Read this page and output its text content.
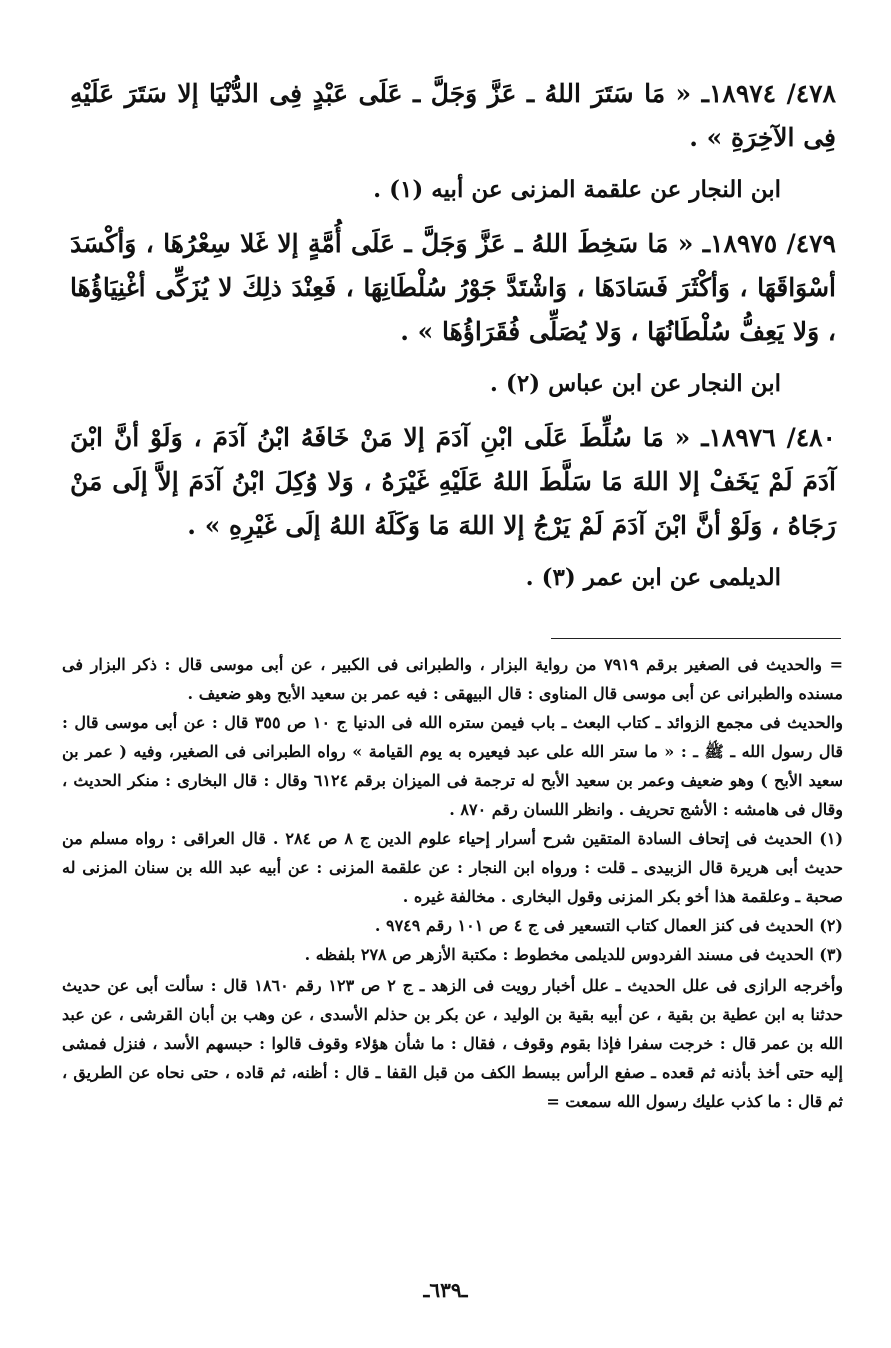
٤٧٨/ ١٨٩٧٤ـ « مَا سَتَرَ اللهُ ـ عَزَّ وَجَلَّ ـ عَلَى عَبْدٍ فِى الدُّنْيَا إلا سَتَرَ عَلَيْهِ فِى الآخِرَةِ » .

ابن النجار عن علقمة المزنى عن أبيه (١) .

٤٧٩/ ١٨٩٧٥ـ « مَا سَخِطَ اللهُ ـ عَزَّ وَجَلَّ ـ عَلَى أُمَّةٍ إلا غَلا سِعْرُهَا ، وَأكْسَدَ أسْوَاقَهَا ، وَأكْثَرَ فَسَادَهَا ، وَاشْتَدَّ جَوْرُ سُلْطَانِهَا ، فَعِنْدَ ذلِكَ لا يُزَكِّى أغْنِيَاؤُهَا ، وَلا يَعِفُّ سُلْطَانُهَا ، وَلا يُصَلِّى فُقَرَاؤُهَا » .

ابن النجار عن ابن عباس (٢) .

٤٨٠/ ١٨٩٧٦ـ « مَا سُلِّطَ عَلَى ابْنِ آدَمَ إلا مَنْ خَافَهُ ابْنُ آدَمَ ، وَلَوْ أنَّ ابْنَ آدَمَ لَمْ يَخَفْ إلا اللهَ مَا سَلَّطَ اللهُ عَلَيْهِ غَيْرَهُ ، وَلا وُكِلَ ابْنُ آدَمَ إلاَّ إلَى مَنْ رَجَاهُ ، وَلَوْ أنَّ ابْنَ آدَمَ لَمْ يَرْجُ إلا اللهَ مَا وَكَلَهُ اللهُ إلَى غَيْرِهِ » .

الديلمى عن ابن عمر (٣) .

= والحديث فى الصغير برقم ٧٩١٩ من رواية البزار ، والطبرانى فى الكبير ، عن أبى موسى قال : ذكر البزار فى مسنده والطبرانى عن أبى موسى قال المناوى : قال البيهقى : فيه عمر بن سعيد الأبح وهو ضعيف .

والحديث فى مجمع الزوائد ـ كتاب البعث ـ باب فيمن ستره الله فى الدنيا ج ١٠ ص ٣٥٥ قال : عن أبى موسى قال : قال رسول الله ـ ﷺ ـ : « ما ستر الله على عبد فيعيره به يوم القيامة » رواه الطبرانى فى الصغير، وفيه ( عمر بن سعيد الأبح ) وهو ضعيف وعمر بن سعيد الأبح له ترجمة فى الميزان برقم ٦١٢٤ وقال : قال البخارى : منكر الحديث ، وقال فى هامشه : الأشج تحريف . وانظر اللسان رقم ٨٧٠ .

(١) الحديث فى إتحاف السادة المتقين شرح أسرار إحياء علوم الدين ج ٨ ص ٢٨٤ . قال العراقى : رواه مسلم من حديث أبى هريرة قال الزبيدى ـ قلت : ورواه ابن النجار : عن علقمة المزنى : عن أبيه عبد الله بن سنان المزنى له صحبة ـ وعلقمة هذا أخو بكر المزنى وقول البخارى . مخالفة غيره .

(٢) الحديث فى كنز العمال كتاب التسعير فى ج ٤ ص ١٠١ رقم ٩٧٤٩ .

(٣) الحديث فى مسند الفردوس للديلمى مخطوط : مكتبة الأزهر ص ٢٧٨ بلفظه .

وأخرجه الرازى فى علل الحديث ـ علل أخبار رويت فى الزهد ـ ج ٢ ص ١٢٣ رقم ١٨٦٠ قال : سألت أبى عن حديث حدثنا به ابن عطية بن بقية ، عن أبيه بقية بن الوليد ، عن بكر بن حذلم الأسدى ، عن وهب بن أبان القرشى ، عن عبد الله بن عمر قال : خرجت سفرا فإذا بقوم وقوف ، فقال : ما شأن هؤلاء وقوف قالوا : حبسهم الأسد ، فنزل فمشى إليه حتى أخذ بأذنه ثم قعده ـ صفع الرأس ببسط الكف من قبل القفا ـ قال : أظنه، ثم قاده ، حتى نحاه عن الطريق ، ثم قال : ما كذب عليك رسول الله سمعت =

ـ٦٣٩ـ
